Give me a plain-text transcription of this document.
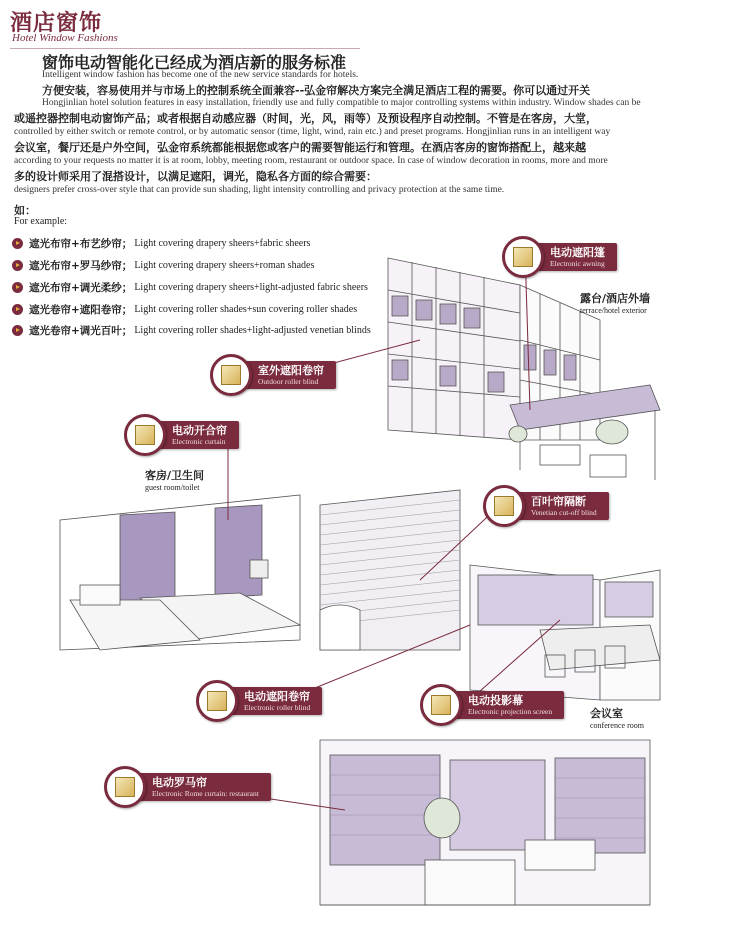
酒店窗饰
Hotel Window Fashions
窗饰电动智能化已经成为酒店新的服务标准
Intelligent window fashion has become one of the new service standards for hotels.
方便安装，容易使用并与市场上的控制系统全面兼容--弘金帘解决方案完全满足酒店工程的需要。你可以通过开关
Hongjinlian hotel solution features in easy installation, friendly use and fully compatible to major controlling systems within industry. Window shades can be
或遥控器控制电动窗饰产品；或者根据自动感应器（时间，光，风，雨等）及预设程序自动控制。不管是在客房，大堂，
controlled by either switch or remote control, or by automatic sensor (time, light, wind, rain etc.) and preset programs. Hongjinlian runs in an intelligent way
会议室，餐厅还是户外空间，弘金帘系统都能根据您或客户的需要智能运行和管理。在酒店客房的窗饰搭配上，越来越
according to your requests no matter it is at room, lobby, meeting room, restaurant or outdoor space. In case of window decoration in rooms, more and more
多的设计师采用了混搭设计，以满足遮阳，调光，隐私各方面的综合需要：
designers prefer cross-over style that can provide sun shading, light intensity controlling and privacy protection at the same time.
如：
For example:
遮光布帘+布艺纱帘； Light covering drapery sheers+fabric sheers
遮光布帘+罗马纱帘； Light covering drapery sheers+roman shades
遮光布帘+调光柔纱； Light covering drapery sheers+light-adjusted fabric sheers
遮光卷帘+遮阳卷帘； Light covering roller shades+sun covering roller shades
遮光卷帘+调光百叶； Light covering roller shades+light-adjusted venetian blinds
电动遮阳篷
Electronic awning
露台/酒店外墙
terrace/hotel exterior
室外遮阳卷帘
Outdoor roller blind
电动开合帘
Electronic curtain
客房/卫生间
guest room/toilet
百叶帘隔断
Venetian cut-off blind
电动遮阳卷帘
Electronic roller blind
电动投影幕
Electronic projection screen	会议室
conference room
电动罗马帘
Electronic Rome curtain: restaurant
